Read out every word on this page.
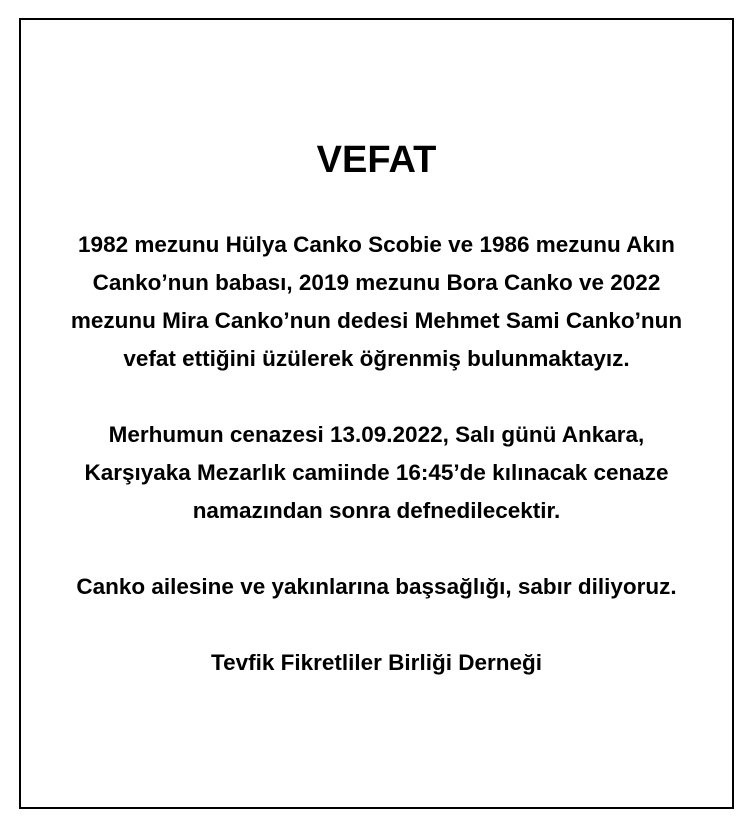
VEFAT

1982 mezunu Hülya Canko Scobie ve 1986 mezunu Akın
Canko’nun babası, 2019 mezunu Bora Canko ve 2022
mezunu Mira Canko’nun dedesi Mehmet Sami Canko’nun
vefat ettiğini üzülerek öğrenmiş bulunmaktayız.

Merhumun cenazesi 13.09.2022, Salı günü Ankara,
Karşıyaka Mezarlık camiinde 16:45’de kılınacak cenaze
namazından sonra defnedilecektir.

Canko ailesine ve yakınlarına başsağlığı, sabır diliyoruz.

Tevfik Fikretliler Birliği Derneği
